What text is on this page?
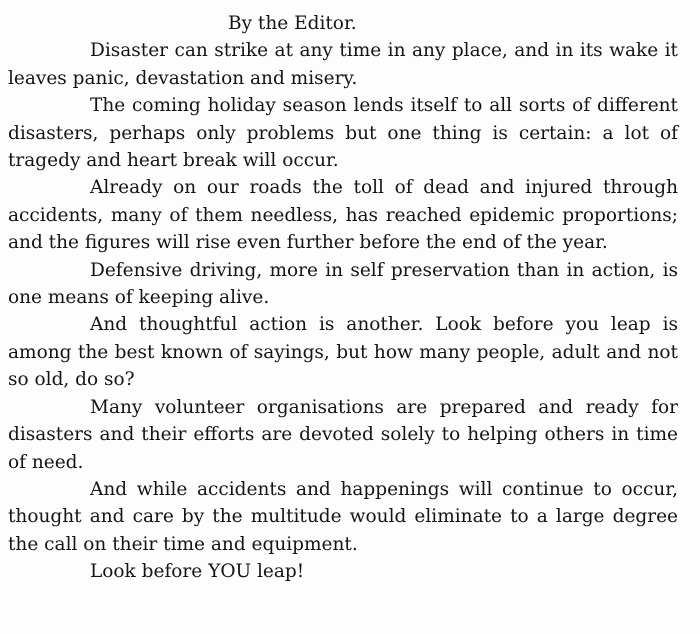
By the Editor.

Disaster can strike at any time in any place, and in its wake it leaves panic, devastation and misery.

The coming holiday season lends itself to all sorts of different disasters, perhaps only problems but one thing is certain: a lot of tragedy and heart break will occur.

Already on our roads the toll of dead and injured through accidents, many of them needless, has reached epidemic proportions; and the figures will rise even further before the end of the year.

Defensive driving, more in self preservation than in action, is one means of keeping alive.

And thoughtful action is another. Look before you leap is among the best known of sayings, but how many people, adult and not so old, do so?

Many volunteer organisations are prepared and ready for disasters and their efforts are devoted solely to helping others in time of need.

And while accidents and happenings will continue to occur, thought and care by the multitude would eliminate to a large degree the call on their time and equipment.

Look before YOU leap!
